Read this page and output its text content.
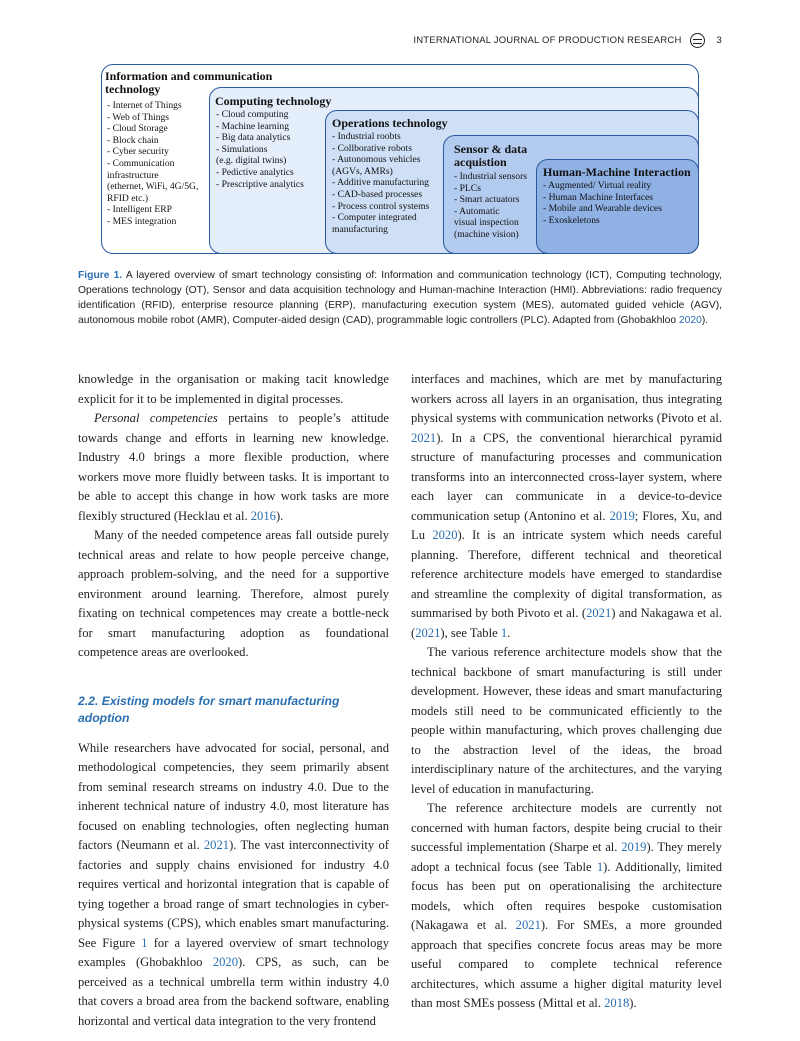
INTERNATIONAL JOURNAL OF PRODUCTION RESEARCH	3
Information and communication technology
- Internet of Things
- Web of Things
- Cloud Storage
- Block chain
- Cyber security
- Communication
infrastructure
(ethernet, WiFi, 4G/5G,
RFID etc.)
- Intelligent ERP
- MES integration
Computing technology
- Cloud computing
- Machine learning
- Big data analytics
- Simulations
(e.g. digital twins)
- Pedictive analytics
- Prescriptive analytics
Operations technology
- Industrial roobts
- Collborative robots
- Autonomous vehicles
(AGVs, AMRs)
- Additive manufacturing
- CAD-based processes
- Process control systems
- Computer integrated
manufacturing
Sensor & data acquistion
- Industrial sensors
- PLCs
- Smart actuators
- Automatic
visual inspection
(machine vision)
Human-Machine Interaction
- Augmented/ Virtual reality
- Human Machine Interfaces
- Mobile and Wearable devices
- Exoskeletons
Figure 1. A layered overview of smart technology consisting of: Information and communication technology (ICT), Computing technology, Operations technology (OT), Sensor and data acquisition technology and Human-machine Interaction (HMI). Abbreviations: radio frequency identification (RFID), enterprise resource planning (ERP), manufacturing execution system (MES), automated guided vehicle (AGV), autonomous mobile robot (AMR), Computer-aided design (CAD), programmable logic controllers (PLC). Adapted from (Ghobakhloo 2020).

knowledge in the organisation or making tacit knowledge explicit for it to be implemented in digital processes.

Personal competencies pertains to people’s attitude towards change and efforts in learning new knowledge. Industry 4.0 brings a more flexible production, where workers move more fluidly between tasks. It is important to be able to accept this change in how work tasks are more flexibly structured (Hecklau et al. 2016).

Many of the needed competence areas fall outside purely technical areas and relate to how people perceive change, approach problem-solving, and the need for a supportive environment around learning. Therefore, almost purely fixating on technical competences may create a bottle-neck for smart manufacturing adoption as foundational competence areas are overlooked.

2.2. Existing models for smart manufacturing adoption

While researchers have advocated for social, personal, and methodological competencies, they seem primarily absent from seminal research streams on industry 4.0. Due to the inherent technical nature of industry 4.0, most literature has focused on enabling technologies, often neglecting human factors (Neumann et al. 2021). The vast interconnectivity of factories and supply chains envisioned for industry 4.0 requires vertical and horizontal integration that is capable of tying together a broad range of smart technologies in cyber-physical systems (CPS), which enables smart manufacturing. See Figure 1 for a layered overview of smart technology examples (Ghobakhloo 2020). CPS, as such, can be perceived as a technical umbrella term within industry 4.0 that covers a broad area from the backend software, enabling horizontal and vertical data integration to the very frontend

interfaces and machines, which are met by manufacturing workers across all layers in an organisation, thus integrating physical systems with communication networks (Pivoto et al. 2021). In a CPS, the conventional hierarchical pyramid structure of manufacturing processes and communication transforms into an interconnected cross-layer system, where each layer can communicate in a device-to-device communication setup (Antonino et al. 2019; Flores, Xu, and Lu 2020). It is an intricate system which needs careful planning. Therefore, different technical and theoretical reference architecture models have emerged to standardise and streamline the complexity of digital transformation, as summarised by both Pivoto et al. (2021) and Nakagawa et al. (2021), see Table 1.

The various reference architecture models show that the technical backbone of smart manufacturing is still under development. However, these ideas and smart manufacturing models still need to be communicated efficiently to the people within manufacturing, which proves challenging due to the abstraction level of the ideas, the broad interdisciplinary nature of the architectures, and the varying level of education in manufacturing.

The reference architecture models are currently not concerned with human factors, despite being crucial to their successful implementation (Sharpe et al. 2019). They merely adopt a technical focus (see Table 1). Additionally, limited focus has been put on operationalising the architecture models, which often requires bespoke customisation (Nakagawa et al. 2021). For SMEs, a more grounded approach that specifies concrete focus areas may be more useful compared to complete technical reference architectures, which assume a higher digital maturity level than most SMEs possess (Mittal et al. 2018).
